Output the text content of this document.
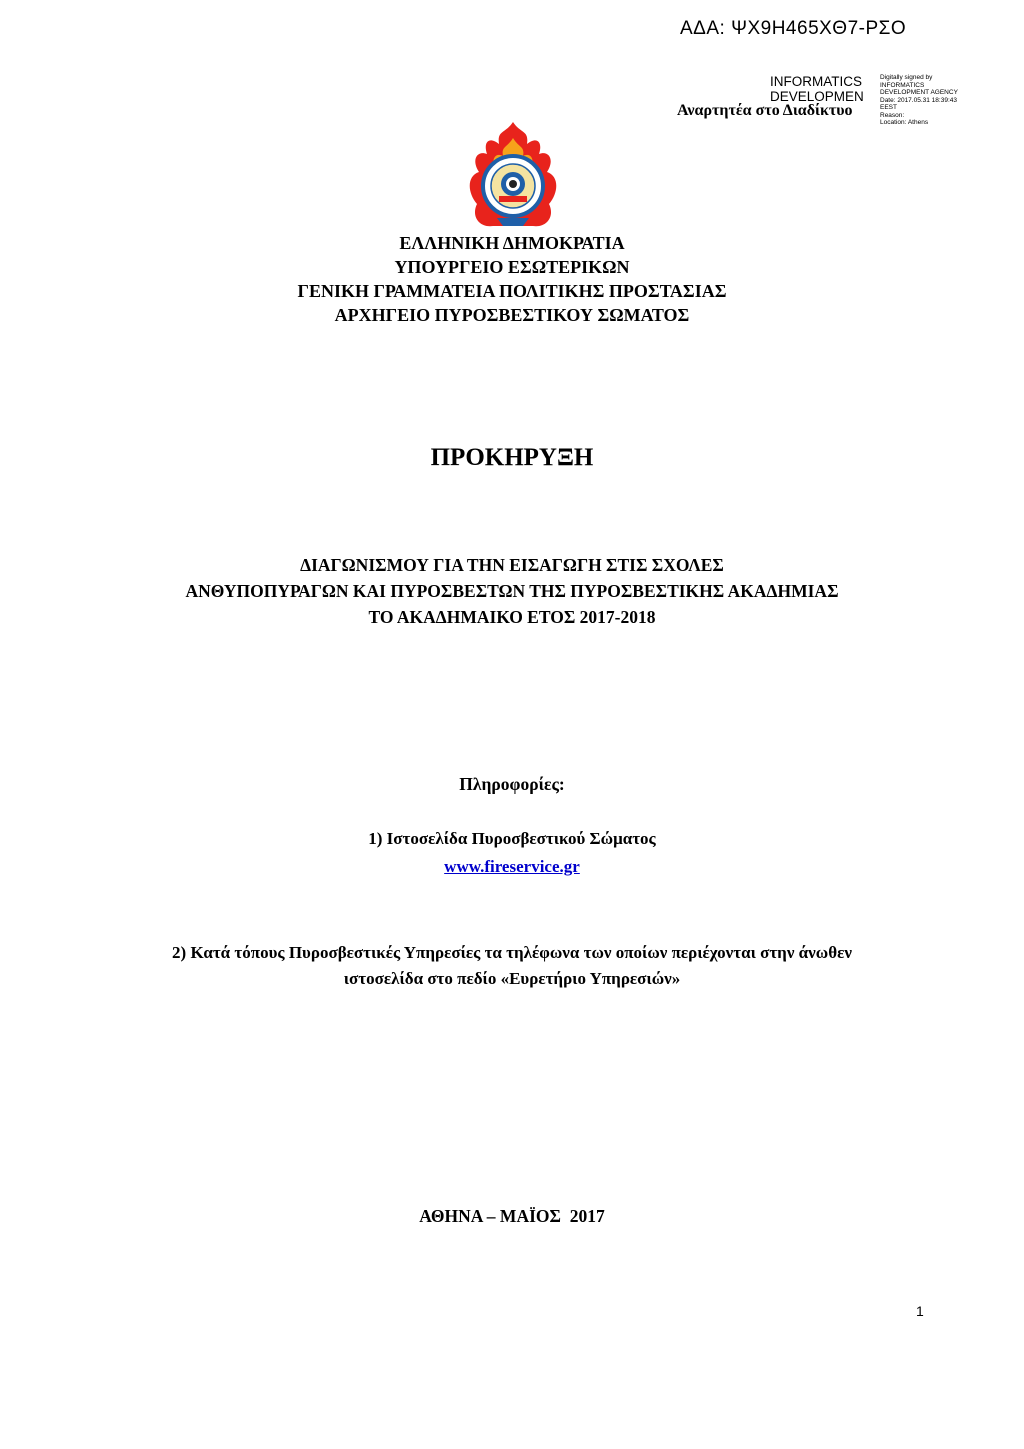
ΑΔΑ: ΨΧ9Η465ΧΘ7-ΡΣΟ
INFORMATICS
DEVELOPMEN
Digitally signed by
INFORMATICS
DEVELOPMENT AGENCY
Date: 2017.05.31 18:39:43
EEST
Reason:
Location: Athens
Αναρτητέα στο Διαδίκτυο
ΕΛΛΗΝΙΚΗ ΔΗΜΟΚΡΑΤΙΑ
ΥΠΟΥΡΓΕΙΟ ΕΣΩΤΕΡΙΚΩΝ
ΓΕΝΙΚΗ ΓΡΑΜΜΑΤΕΙΑ ΠΟΛΙΤΙΚΗΣ ΠΡΟΣΤΑΣΙΑΣ
ΑΡΧΗΓΕΙΟ ΠΥΡΟΣΒΕΣΤΙΚΟΥ ΣΩΜΑΤΟΣ
ΠΡΟΚΗΡΥΞΗ
ΔΙΑΓΩΝΙΣΜΟΥ ΓΙΑ ΤΗΝ ΕΙΣΑΓΩΓΗ ΣΤΙΣ ΣΧΟΛΕΣ
ΑΝΘΥΠΟΠΥΡΑΓΩΝ ΚΑΙ ΠΥΡΟΣΒΕΣΤΩΝ ΤΗΣ ΠΥΡΟΣΒΕΣΤΙΚΗΣ ΑΚΑΔΗΜΙΑΣ
ΤΟ ΑΚΑΔΗΜΑΙΚΟ ΕΤΟΣ 2017-2018
Πληροφορίες:
1) Ιστοσελίδα Πυροσβεστικού Σώματος
www.fireservice.gr
2) Κατά τόπους Πυροσβεστικές Υπηρεσίες τα τηλέφωνα των οποίων περιέχονται στην άνωθεν
ιστοσελίδα στο πεδίο «Ευρετήριο Υπηρεσιών»
ΑΘΗΝΑ – ΜΑΪΟΣ  2017
1
